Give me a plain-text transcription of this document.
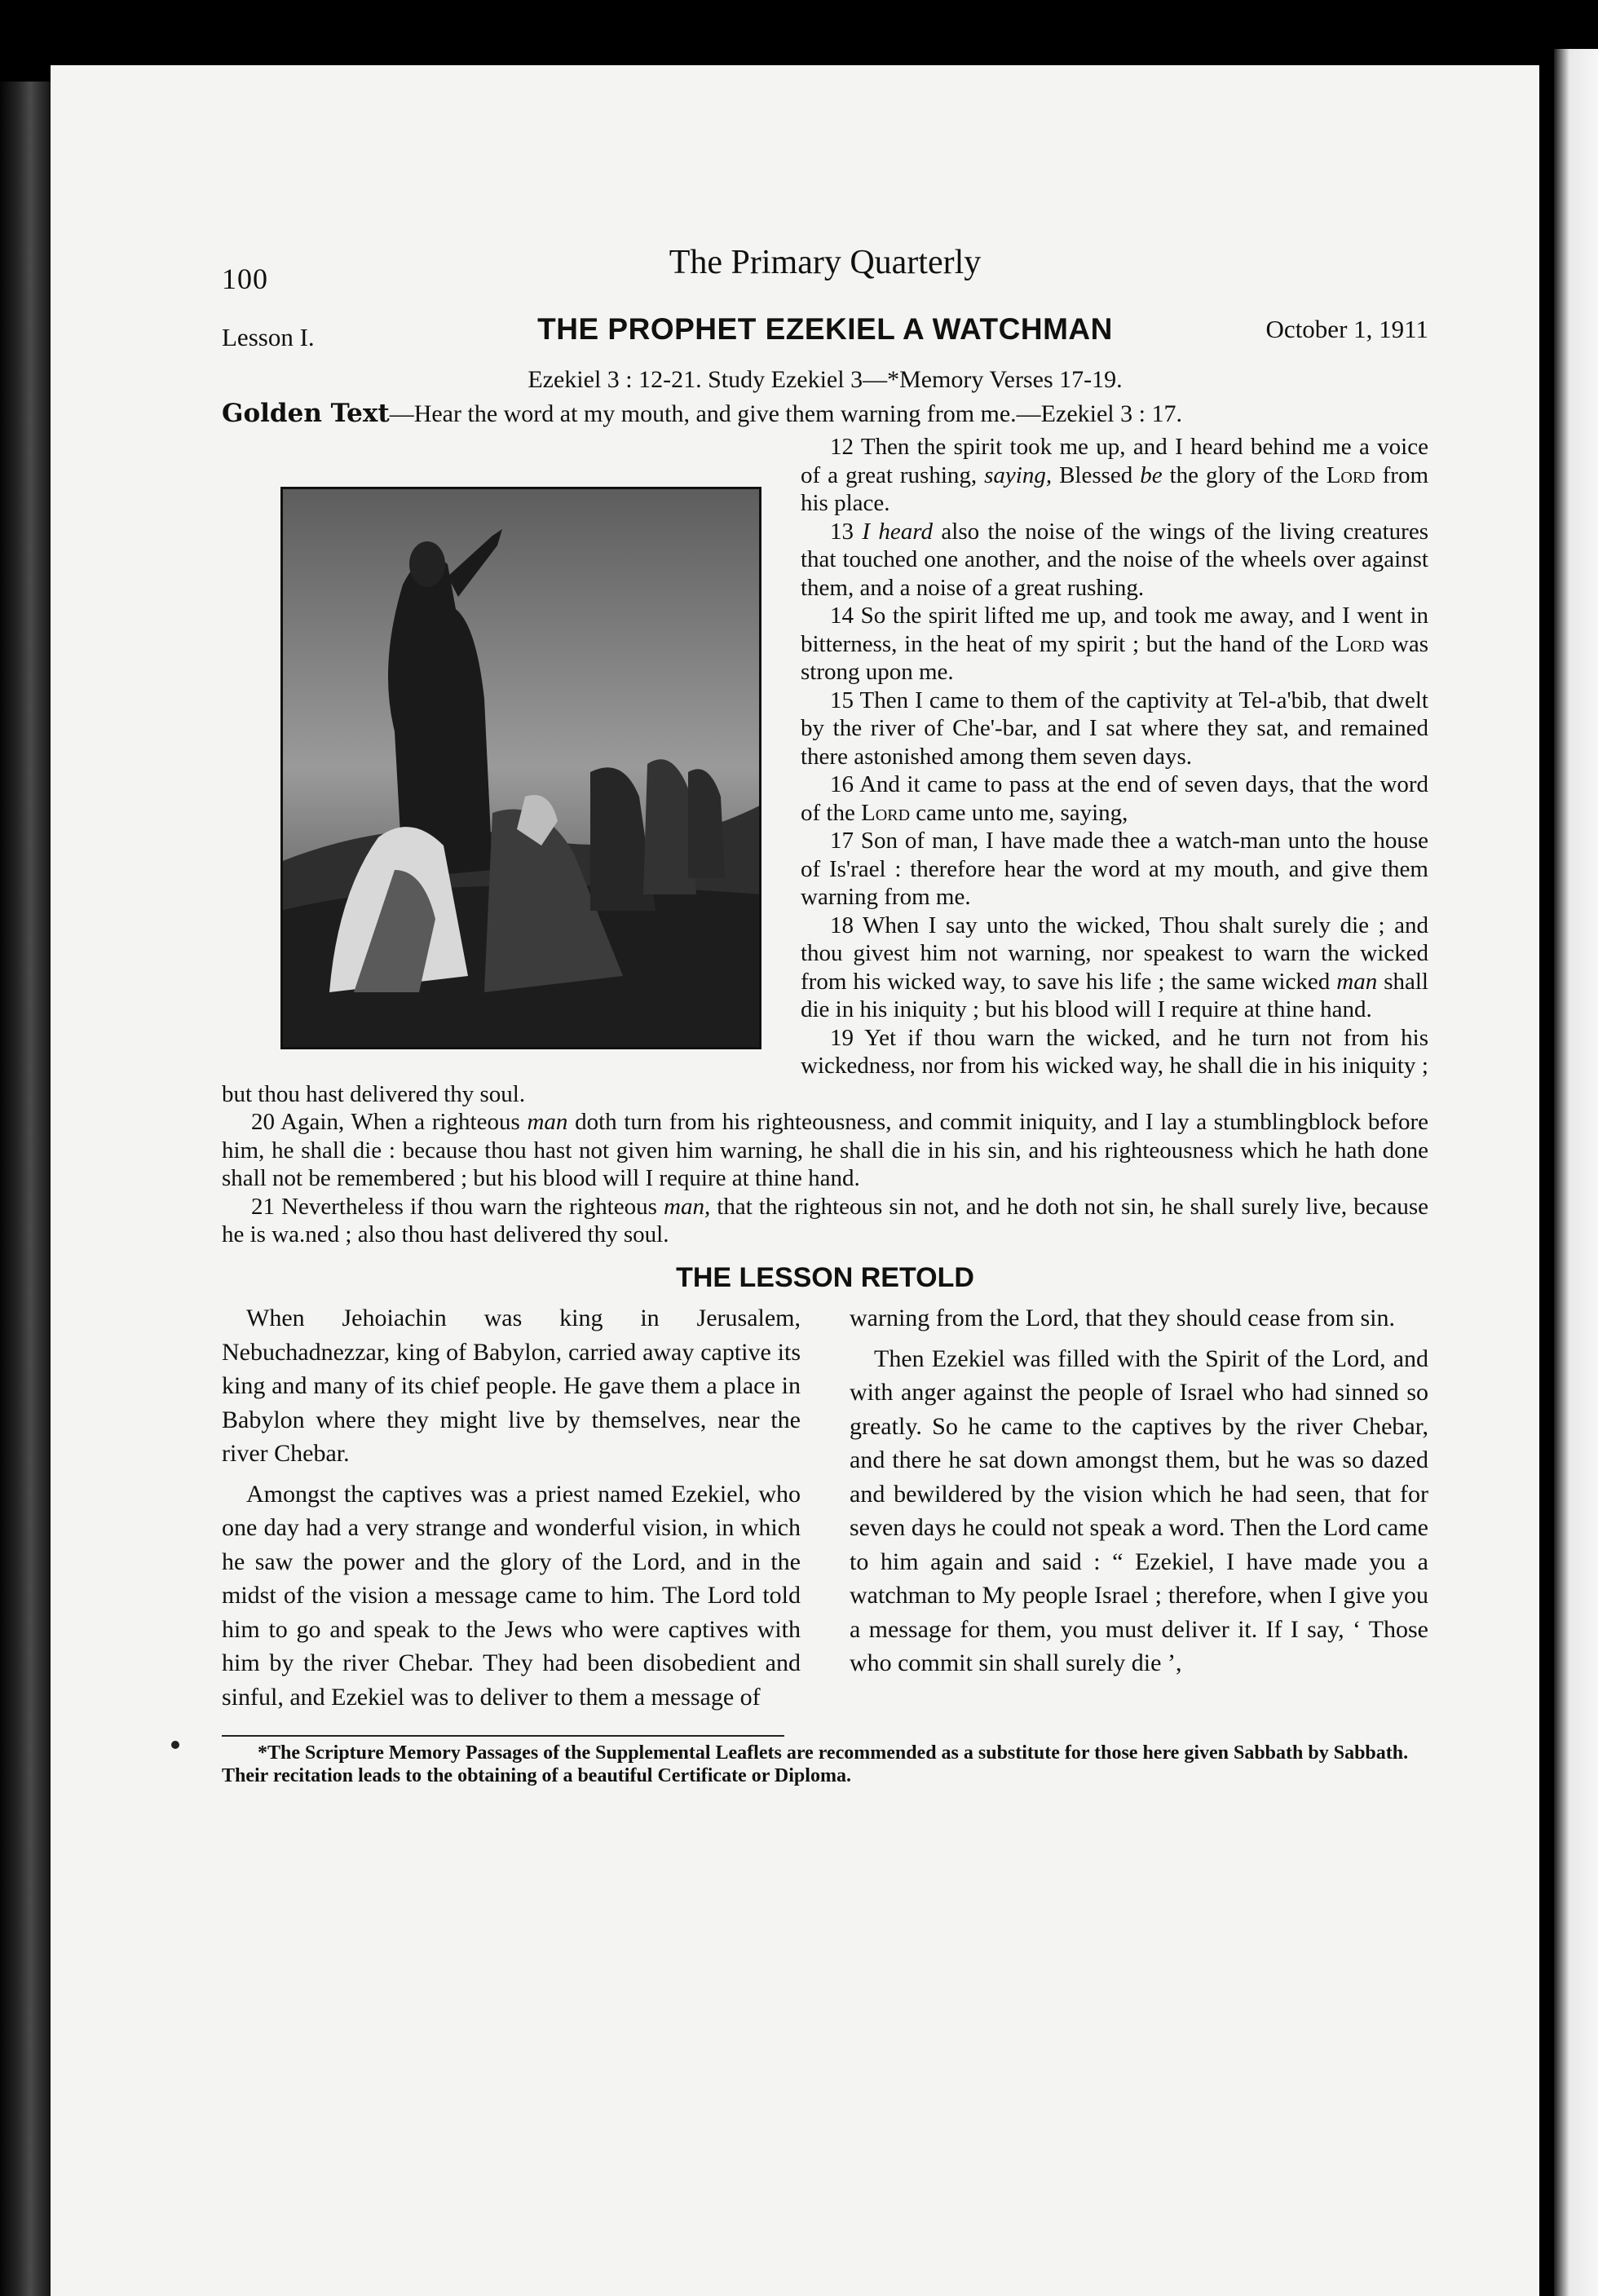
100	The Primary Quarterly
Lesson I.	THE PROPHET EZEKIEL A WATCHMAN	October 1, 1911
Ezekiel 3 : 12-21. Study Ezekiel 3—*Memory Verses 17-19.
Golden Text—Hear the word at my mouth, and give them warning from me.—Ezekiel 3 : 17.

12 Then the spirit took me up, and I heard behind me a voice of a great rushing, saying, Blessed be the glory of the Lord from his place.

13 I heard also the noise of the wings of the living creatures that touched one another, and the noise of the wheels over against them, and a noise of a great rushing.

14 So the spirit lifted me up, and took me away, and I went in bitterness, in the heat of my spirit ; but the hand of the Lord was strong upon me.

15 Then I came to them of the captivity at Tel-a'bib, that dwelt by the river of Che'-bar, and I sat where they sat, and remained there astonished among them seven days.

16 And it came to pass at the end of seven days, that the word of the Lord came unto me, saying,

17 Son of man, I have made thee a watch-man unto the house of Is'rael : therefore hear the word at my mouth, and give them warning from me.

18 When I say unto the wicked, Thou shalt surely die ; and thou givest him not warning, nor speakest to warn the wicked from his wicked way, to save his life ; the same wicked man shall die in his iniquity ; but his blood will I require at thine hand.

19 Yet if thou warn the wicked, and he turn not from his wickedness, nor from his wicked way, he shall die in his iniquity ; but thou hast delivered thy soul.

20 Again, When a righteous man doth turn from his righteousness, and commit iniquity, and I lay a stumblingblock before him, he shall die : because thou hast not given him warning, he shall die in his sin, and his righteousness which he hath done shall not be remembered ; but his blood will I require at thine hand.

21 Nevertheless if thou warn the righteous man, that the righteous sin not, and he doth not sin, he shall surely live, because he is wa.ned ; also thou hast delivered thy soul.

THE LESSON RETOLD

When Jehoiachin was king in Jerusalem, Nebuchadnezzar, king of Babylon, carried away captive its king and many of its chief people. He gave them a place in Babylon where they might live by themselves, near the river Chebar.

Amongst the captives was a priest named Ezekiel, who one day had a very strange and wonderful vision, in which he saw the power and the glory of the Lord, and in the midst of the vision a message came to him. The Lord told him to go and speak to the Jews who were captives with him by the river Chebar. They had been disobedient and sinful, and Ezekiel was to deliver to them a message of

warning from the Lord, that they should cease from sin.

Then Ezekiel was filled with the Spirit of the Lord, and with anger against the people of Israel who had sinned so greatly. So he came to the captives by the river Chebar, and there he sat down amongst them, but he was so dazed and bewildered by the vision which he had seen, that for seven days he could not speak a word. Then the Lord came to him again and said : “ Ezekiel, I have made you a watchman to My people Israel ; therefore, when I give you a message for them, you must deliver it. If I say, ‘ Those who commit sin shall surely die ’,

*The Scripture Memory Passages of the Supplemental Leaflets are recommended as a substitute for those here given Sabbath by Sabbath. Their recitation leads to the obtaining of a beautiful Certificate or Diploma.
